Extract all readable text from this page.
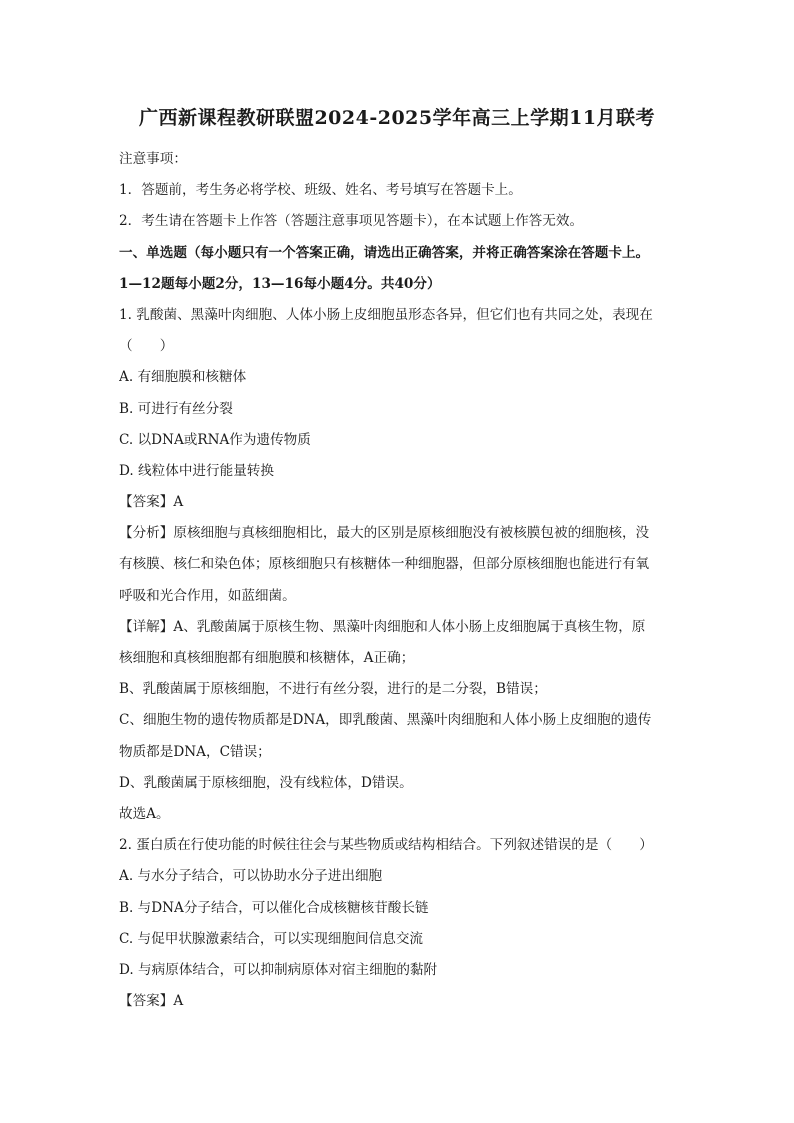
广西新课程教研联盟2024-2025学年高三上学期11月联考
注意事项：
1．答题前，考生务必将学校、班级、姓名、考号填写在答题卡上。
2．考生请在答题卡上作答（答题注意事项见答题卡），在本试题上作答无效。
一、单选题（每小题只有一个答案正确，请选出正确答案，并将正确答案涂在答题卡上。
1—12题每小题2分，13—16每小题4分。共40分）
1. 乳酸菌、黑藻叶肉细胞、人体小肠上皮细胞虽形态各异，但它们也有共同之处，表现在
（　　）
A. 有细胞膜和核糖体
B. 可进行有丝分裂
C. 以DNA或RNA作为遗传物质
D. 线粒体中进行能量转换
【答案】A
【分析】原核细胞与真核细胞相比，最大的区别是原核细胞没有被核膜包被的细胞核，没
有核膜、核仁和染色体；原核细胞只有核糖体一种细胞器，但部分原核细胞也能进行有氧
呼吸和光合作用，如蓝细菌。
【详解】A、乳酸菌属于原核生物、黑藻叶肉细胞和人体小肠上皮细胞属于真核生物，原
核细胞和真核细胞都有细胞膜和核糖体，A正确；
B、乳酸菌属于原核细胞，不进行有丝分裂，进行的是二分裂，B错误；
C、细胞生物的遗传物质都是DNA，即乳酸菌、黑藻叶肉细胞和人体小肠上皮细胞的遗传
物质都是DNA，C错误；
D、乳酸菌属于原核细胞，没有线粒体，D错误。
故选A。
2. 蛋白质在行使功能的时候往往会与某些物质或结构相结合。下列叙述错误的是（　　）
A. 与水分子结合，可以协助水分子进出细胞
B. 与DNA分子结合，可以催化合成核糖核苷酸长链
C. 与促甲状腺激素结合，可以实现细胞间信息交流
D. 与病原体结合，可以抑制病原体对宿主细胞的黏附
【答案】A
